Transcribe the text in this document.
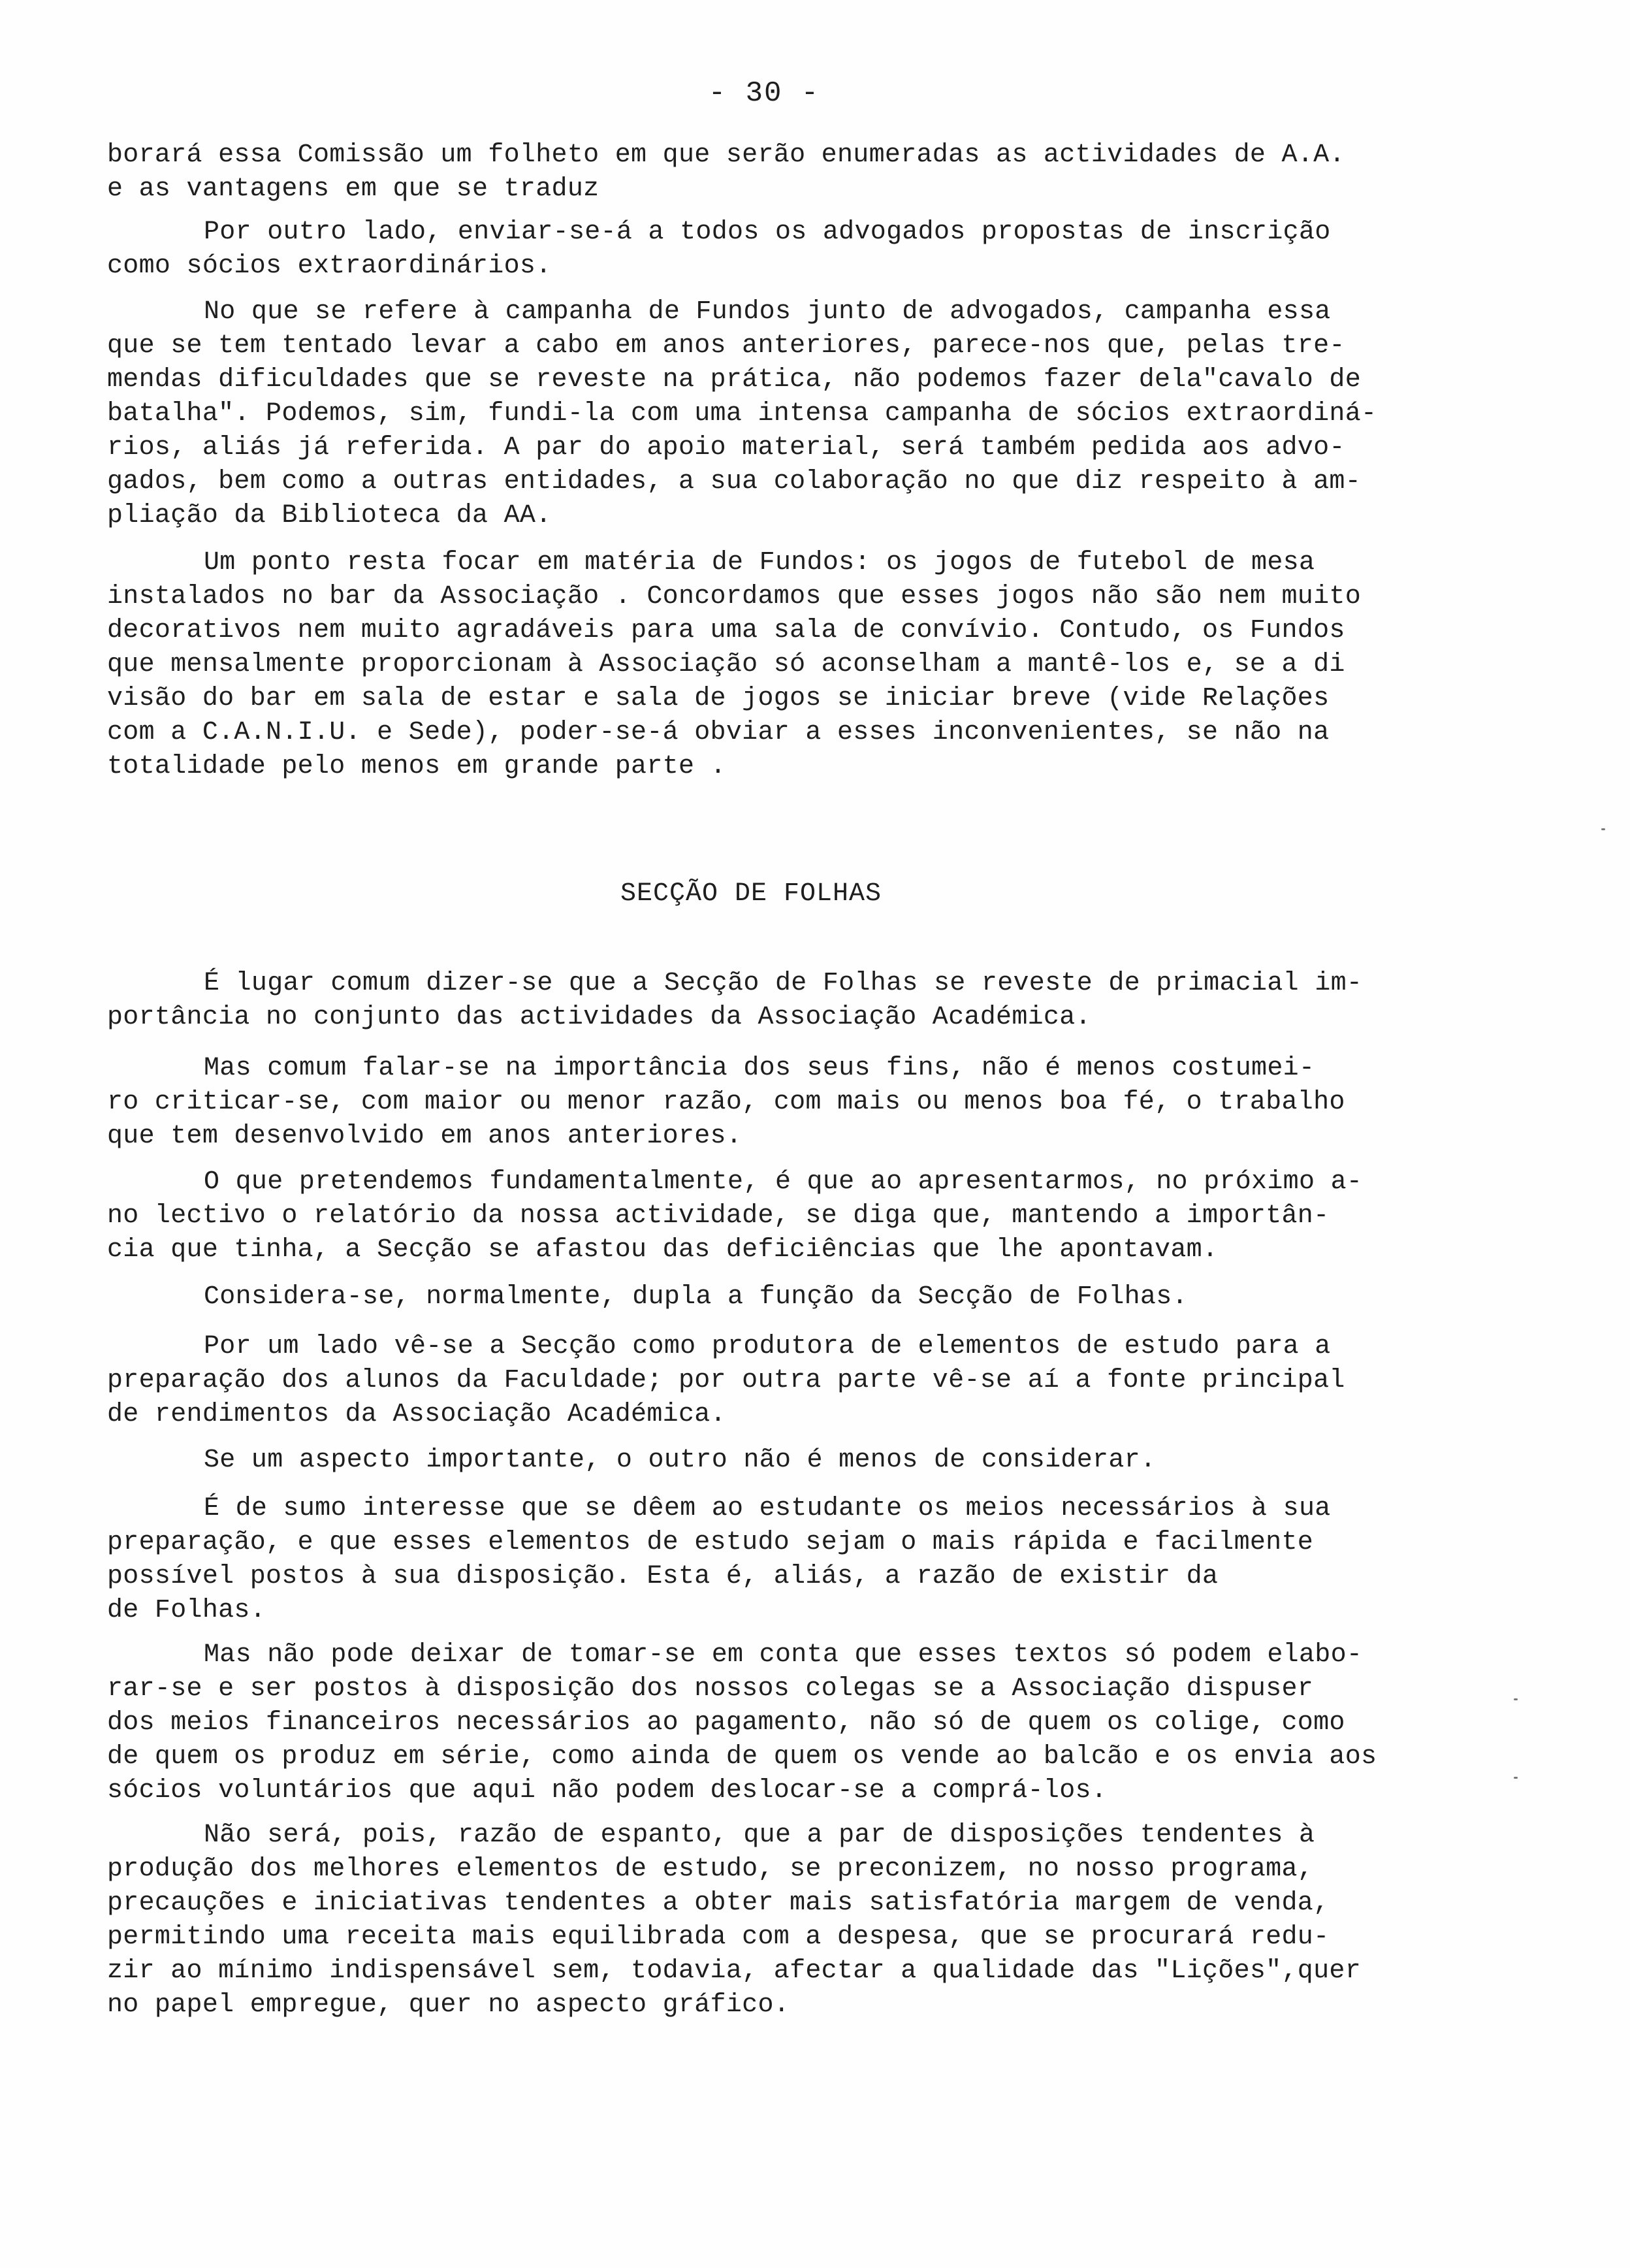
- 30 -
borará essa Comissão um folheto em que serão enumeradas as actividades de A.A.
e as vantagens em que se traduz
Por outro lado, enviar-se-á a todos os advogados propostas de inscrição
como sócios extraordinários.
No que se refere à campanha de Fundos junto de advogados, campanha essa
que se tem tentado levar a cabo em anos anteriores, parece-nos que, pelas tre-
mendas dificuldades que se reveste na prática, não podemos fazer dela"cavalo de
batalha". Podemos, sim, fundi-la com uma intensa campanha de sócios extraordiná-
rios, aliás já referida. A par do apoio material, será também pedida aos advo-
gados, bem como a outras entidades, a sua colaboração no que diz respeito à am-
pliação da Biblioteca da AA.
Um ponto resta focar em matéria de Fundos: os jogos de futebol de mesa
instalados no bar da Associação . Concordamos que esses jogos não são nem muito
decorativos nem muito agradáveis para uma sala de convívio. Contudo, os Fundos
que mensalmente proporcionam à Associação só aconselham a mantê-los e, se a di
visão do bar em sala de estar e sala de jogos se iniciar breve (vide Relações
com a C.A.N.I.U. e Sede), poder-se-á obviar a esses inconvenientes, se não na
totalidade pelo menos em grande parte .
SECÇÃO DE FOLHAS
É lugar comum dizer-se que a Secção de Folhas se reveste de primacial im-
portância no conjunto das actividades da Associação Académica.
Mas comum falar-se na importância dos seus fins, não é menos costumei-
ro criticar-se, com maior ou menor razão, com mais ou menos boa fé, o trabalho
que tem desenvolvido em anos anteriores.
O que pretendemos fundamentalmente, é que ao apresentarmos, no próximo a-
no lectivo o relatório da nossa actividade, se diga que, mantendo a importân-
cia que tinha, a Secção se afastou das deficiências que lhe apontavam.
Considera-se, normalmente, dupla a função da Secção de Folhas.
Por um lado vê-se a Secção como produtora de elementos de estudo para a
preparação dos alunos da Faculdade; por outra parte vê-se aí a fonte principal
de rendimentos da Associação Académica.
Se um aspecto importante, o outro não é menos de considerar.
É de sumo interesse que se dêem ao estudante os meios necessários à sua
preparação, e que esses elementos de estudo sejam o mais rápida e facilmente
possível postos à sua disposição. Esta é, aliás, a razão de existir da
de Folhas.
Mas não pode deixar de tomar-se em conta que esses textos só podem elabo-
rar-se e ser postos à disposição dos nossos colegas se a Associação dispuser
dos meios financeiros necessários ao pagamento, não só de quem os colige, como
de quem os produz em série, como ainda de quem os vende ao balcão e os envia aos
sócios voluntários que aqui não podem deslocar-se a comprá-los.
Não será, pois, razão de espanto, que a par de disposições tendentes à
produção dos melhores elementos de estudo, se preconizem, no nosso programa,
precauções e iniciativas tendentes a obter mais satisfatória margem de venda,
permitindo uma receita mais equilibrada com a despesa, que se procurará redu-
zir ao mínimo indispensável sem, todavia, afectar a qualidade das "Lições",quer
no papel empregue, quer no aspecto gráfico.
